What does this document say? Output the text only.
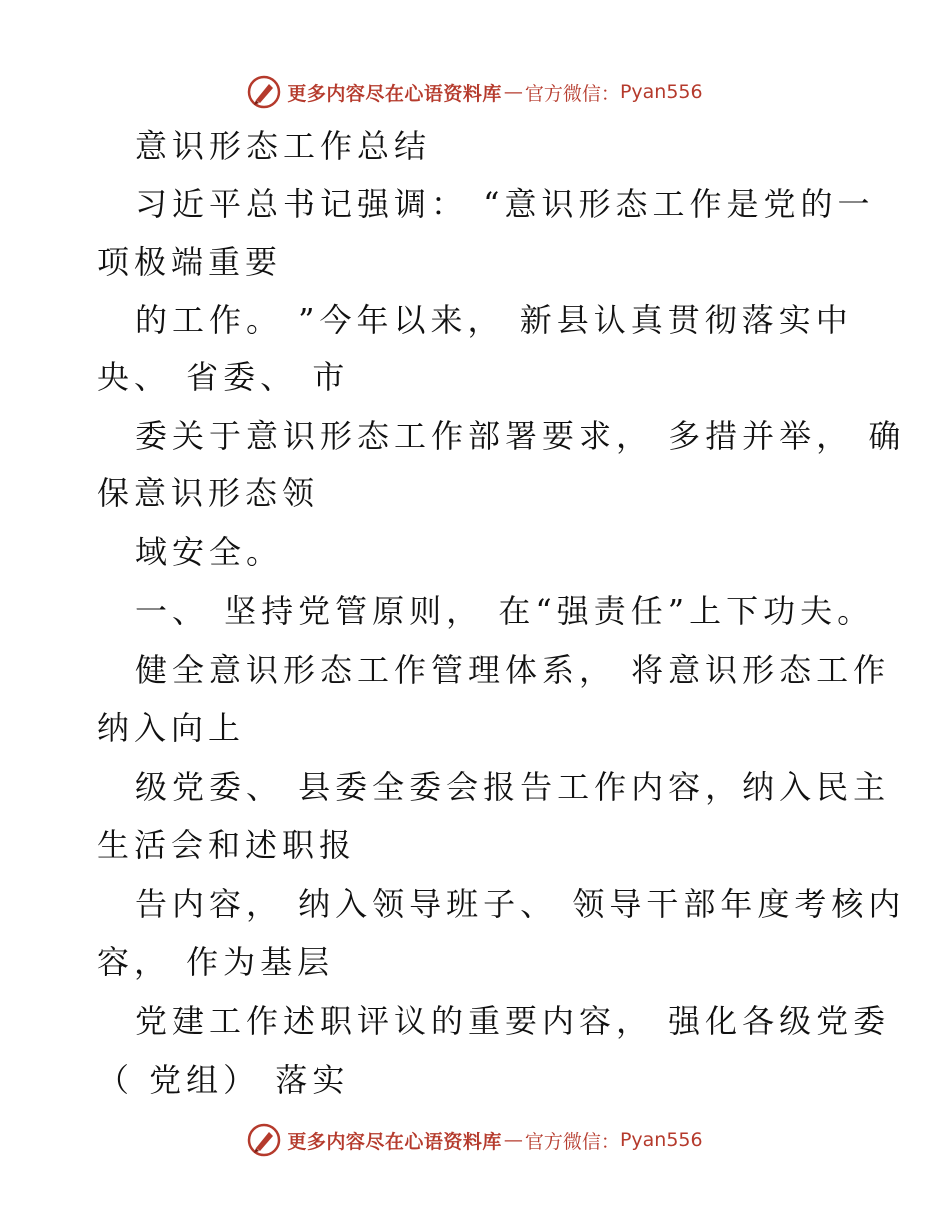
更多内容尽在心语资料库 — 官方微信： Pyan556
意识形态工作总结
习近平总书记强调： “意识形态工作是党的一
项极端重要
的工作。 ”今年以来， 新县认真贯彻落实中
央、 省委、 市
委关于意识形态工作部署要求， 多措并举， 确
保意识形态领
域安全。
一、 坚持党管原则， 在“强责任”上下功夫。
健全意识形态工作管理体系， 将意识形态工作
纳入向上
级党委、 县委全委会报告工作内容，纳入民主
生活会和述职报
告内容， 纳入领导班子、 领导干部年度考核内
容， 作为基层
党建工作述职评议的重要内容， 强化各级党委
（ 党组） 落实
更多内容尽在心语资料库 — 官方微信： Pyan556
